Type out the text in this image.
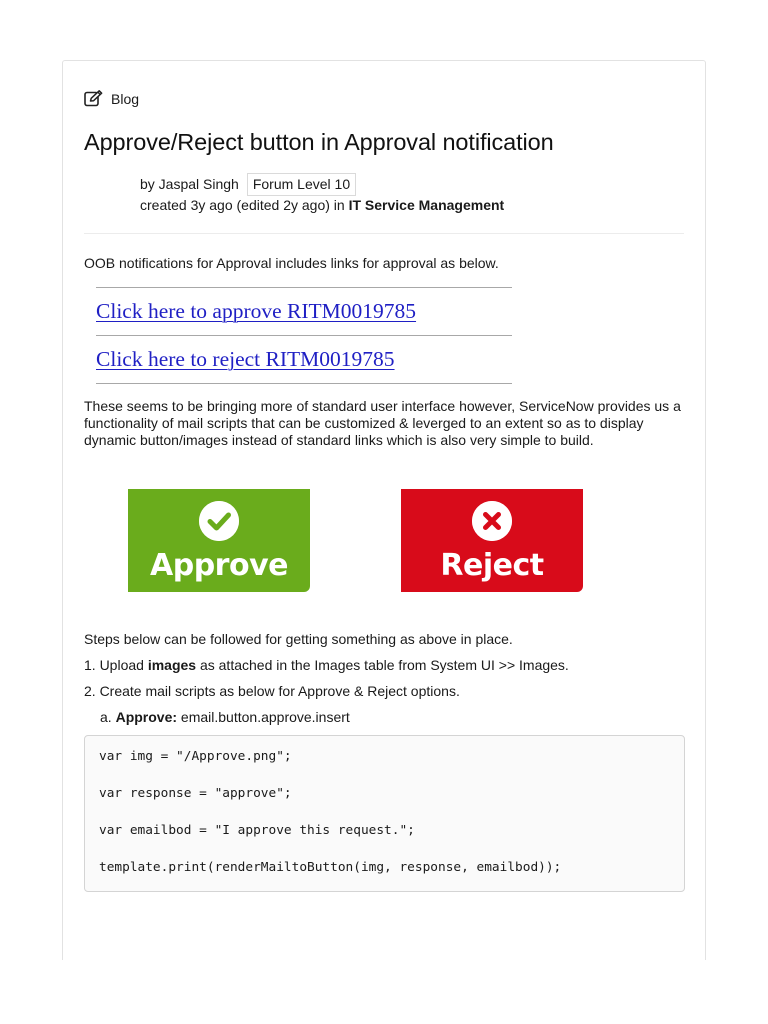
Blog
Approve/Reject button in Approval notification
by Jaspal Singh	Forum Level 10
created 3y ago (edited 2y ago) in IT Service Management

OOB notifications for Approval includes links for approval as below.

Click here to approve RITM0019785
Click here to reject RITM0019785

These seems to be bringing more of standard user interface however, ServiceNow provides us a functionality of mail scripts that can be customized & leverged to an extent so as to display dynamic button/images instead of standard links which is also very simple to build.

Approve	Reject

Steps below can be followed for getting something as above in place.

1. Upload images as attached in the Images table from System UI >> Images.

2. Create mail scripts as below for Approve & Reject options.

a. Approve: email.button.approve.insert

var img = "/Approve.png";
var response = "approve";
var emailbod = "I approve this request.";
template.print(renderMailtoButton(img, response, emailbod));
